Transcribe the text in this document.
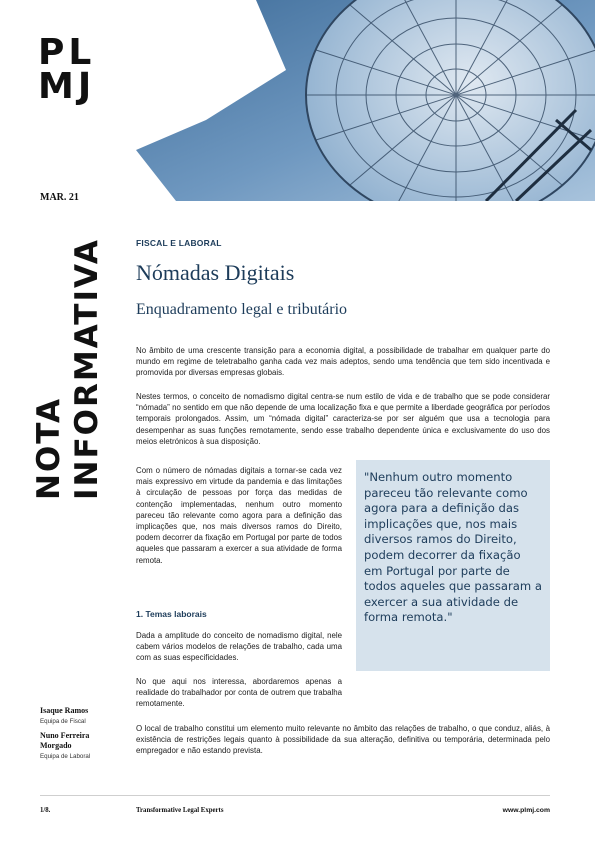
PL
MJ
MAR. 21
NOTA INFORMATIVA	FISCAL E LABORAL
Nómadas Digitais
Enquadramento legal e tributário

No âmbito de uma crescente transição para a economia digital, a possibilidade de trabalhar em qualquer parte do mundo em regime de teletrabalho ganha cada vez mais adeptos, sendo uma tendência que tem sido incentivada e promovida por diversas empresas globais.

Nestes termos, o conceito de nomadismo digital centra-se num estilo de vida e de trabalho que se pode considerar “nómada” no sentido em que não depende de uma localização fixa e que permite a liberdade geográfica por períodos temporais prolongados. Assim, um “nómada digital” caracteriza-se por ser alguém que usa a tecnologia para desempenhar as suas funções remotamente, sendo esse trabalho dependente única e exclusivamente do uso dos meios eletrónicos à sua disposição.

Com o número de nómadas digitais a tornar-se cada vez mais expressivo em virtude da pandemia e das limitações à circulação de pessoas por força das medidas de contenção implementadas, nenhum outro momento pareceu tão relevante como agora para a definição das implicações que, nos mais diversos ramos do Direito, podem decorrer da fixação em Portugal por parte de todos aqueles que passaram a exercer a sua atividade de forma remota.

1. Temas laborais

Dada a amplitude do conceito de nomadismo digital, nele cabem vários modelos de relações de trabalho, cada uma com as suas especificidades.

No que aqui nos interessa, abordaremos apenas a realidade do trabalhador por conta de outrem que trabalha remotamente.

O local de trabalho constitui um elemento muito relevante no âmbito das relações de trabalho, o que conduz, aliás, à existência de restrições legais quanto à possibilidade da sua alteração, definitiva ou temporária, determinada pelo empregador e não estando prevista.

"Nenhum outro momento pareceu tão relevante como agora para a definição das implicações que, nos mais diversos ramos do Direito, podem decorrer da fixação em Portugal por parte de todos aqueles que passaram a exercer a sua atividade de forma remota."

Isaque Ramos
Equipa de Fiscal
Nuno Ferreira Morgado
Equipa de Laboral
1/8.	Transformative Legal Experts	www.plmj.com
